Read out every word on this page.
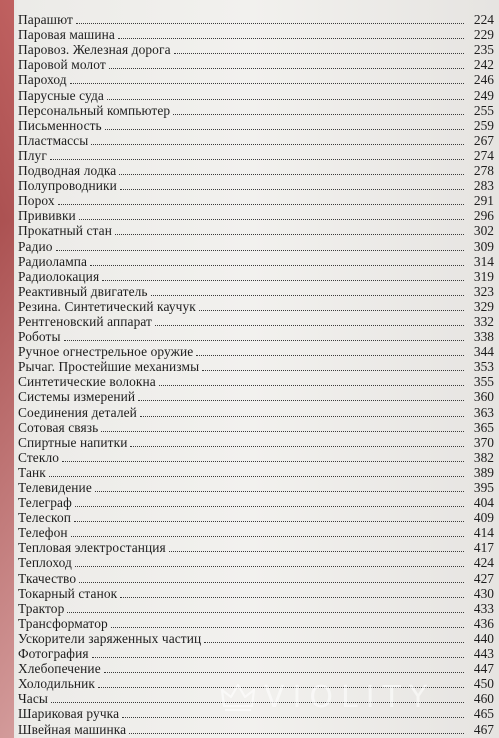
Парашют	224
Паровая машина	229
Паровоз. Железная дорога	235
Паровой молот	242
Пароход	246
Парусные суда	249
Персональный компьютер	255
Письменность	259
Пластмассы	267
Плуг	274
Подводная лодка	278
Полупроводники	283
Порох	291
Прививки	296
Прокатный стан	302
Радио	309
Радиолампа	314
Радиолокация	319
Реактивный двигатель	323
Резина. Синтетический каучук	329
Рентгеновский аппарат	332
Роботы	338
Ручное огнестрельное оружие	344
Рычаг. Простейшие механизмы	353
Синтетические волокна	355
Системы измерений	360
Соединения деталей	363
Сотовая связь	365
Спиртные напитки	370
Стекло	382
Танк	389
Телевидение	395
Телеграф	404
Телескоп	409
Телефон	414
Тепловая электростанция	417
Теплоход	424
Ткачество	427
Токарный станок	430
Трактор	433
Трансформатор	436
Ускорители заряженных частиц	440
Фотография	443
Хлебопечение	447
Холодильник	450
Часы	460
Шариковая ручка	465
Швейная машинка	467
VIOLITY
